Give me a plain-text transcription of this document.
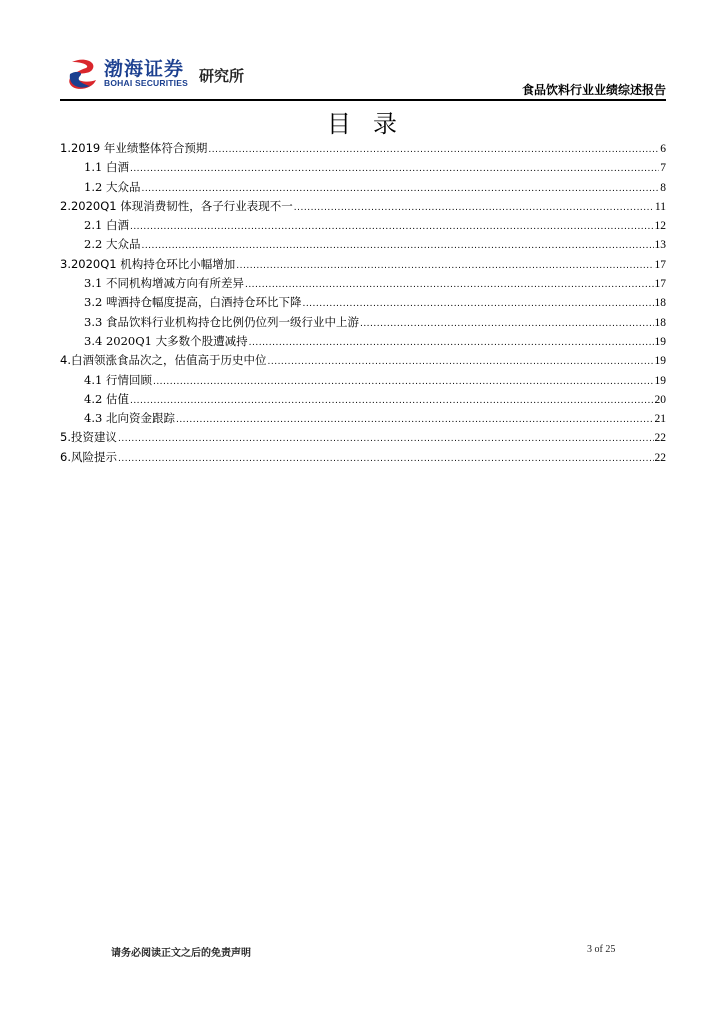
渤海证券
BOHAI SECURITIES 研究所
食品饮料行业业绩综述报告
目录
1.2019 年业绩整体符合预期 .....	6
1.1 白酒 .....	7
1.2 大众品 .....	8
2.2020Q1 体现消费韧性，各子行业表现不一 .....	11
2.1 白酒 .....	12
2.2 大众品 .....	13
3.2020Q1 机构持仓环比小幅增加 .....	17
3.1 不同机构增减方向有所差异 .....	17
3.2 啤酒持仓幅度提高，白酒持仓环比下降 .....	18
3.3 食品饮料行业机构持仓比例仍位列一级行业中上游 .....	18
3.4 2020Q1 大多数个股遭减持 .....	19
4.白酒领涨食品次之，估值高于历史中位 .....	19
4.1 行情回顾 .....	19
4.2 估值 .....	20
4.3 北向资金跟踪 .....	21
5.投资建议 .....	22
6.风险提示 .....	22
请务必阅读正文之后的免责声明	3 of 25
